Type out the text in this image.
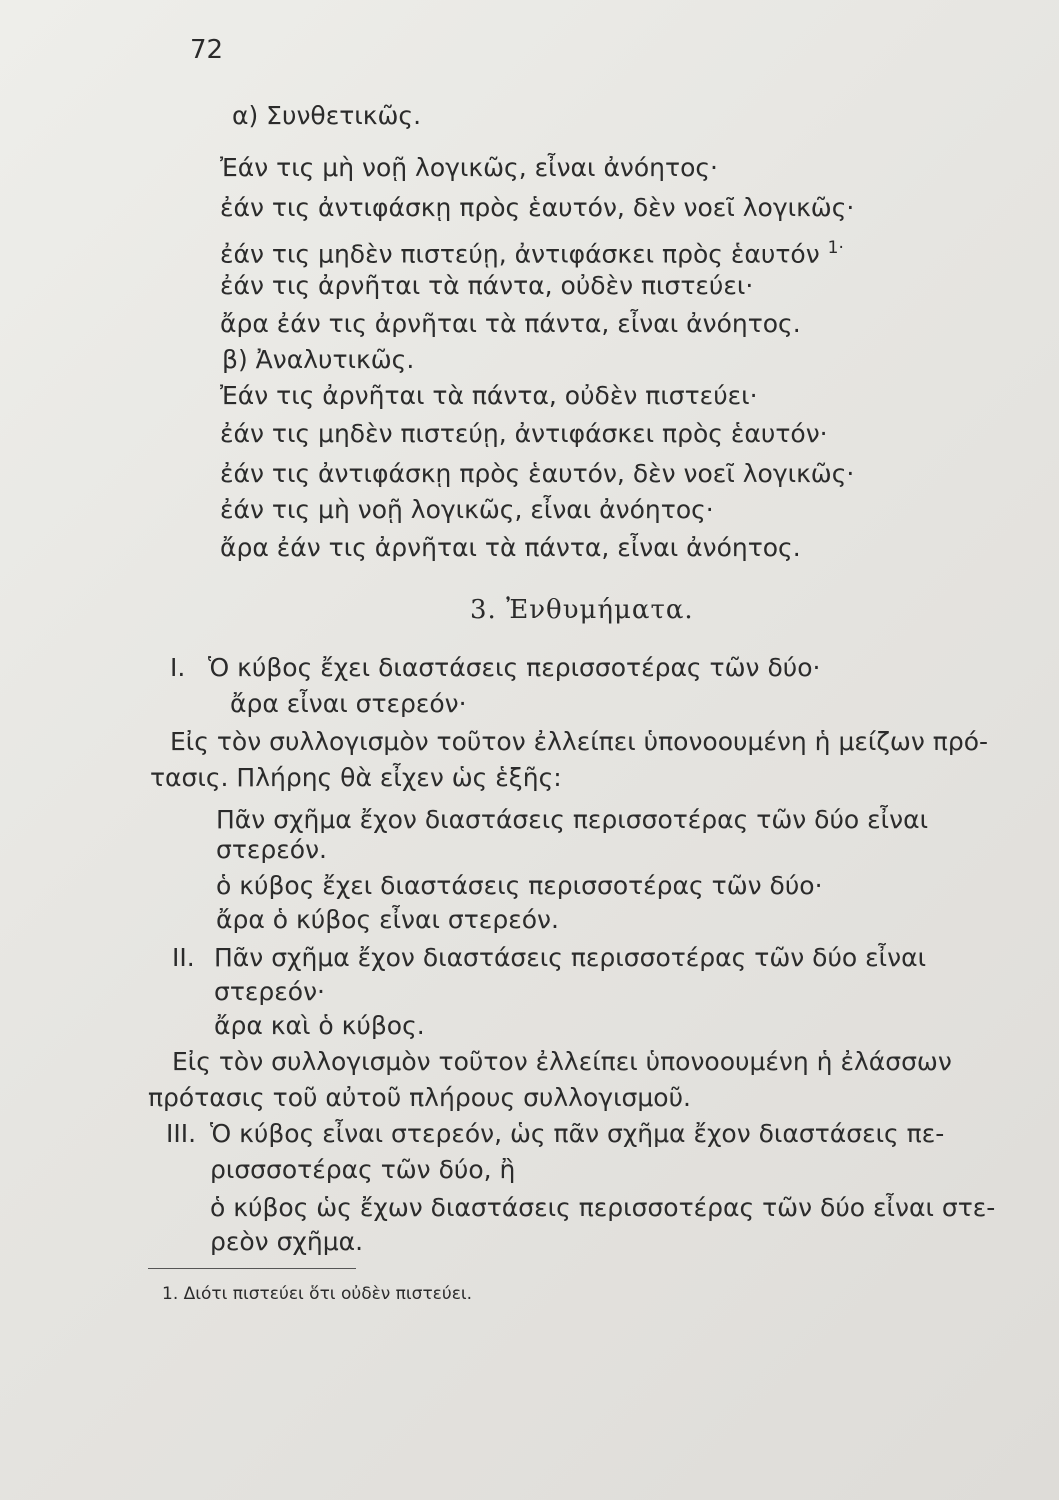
72
α) Συνθετικῶς.
Ἐάν τις μὴ νοῇ λογικῶς, εἶναι ἀνόητος·
ἐάν τις ἀντιφάσκῃ πρὸς ἑαυτόν, δὲν νοεῖ λογικῶς·
ἐάν τις μηδὲν πιστεύῃ, ἀντιφάσκει πρὸς ἑαυτόν $^{1\cdot}$
ἐάν τις ἀρνῆται τὰ πάντα, οὐδὲν πιστεύει·
ἄρα ἐάν τις ἀρνῆται τὰ πάντα, εἶναι ἀνόητος.
β) Ἀναλυτικῶς.
Ἐάν τις ἀρνῆται τὰ πάντα, οὐδὲν πιστεύει·
ἐάν τις μηδὲν πιστεύῃ, ἀντιφάσκει πρὸς ἑαυτόν·
ἐάν τις ἀντιφάσκῃ πρὸς ἑαυτόν, δὲν νοεῖ λογικῶς·
ἐάν τις μὴ νοῇ λογικῶς, εἶναι ἀνόητος·
ἄρα ἐάν τις ἀρνῆται τὰ πάντα, εἶναι ἀνόητος.
3. Ἐνθυμήματα.
I. Ὁ κύβος ἔχει διαστάσεις περισσοτέρας τῶν δύο·
ἄρα εἶναι στερεόν·
Εἰς τὸν συλλογισμὸν τοῦτον ἐλλείπει ὑπονοουμένη ἡ μείζων πρό-
τασις. Πλήρης θὰ εἶχεν ὡς ἑξῆς:
Πᾶν σχῆμα ἔχον διαστάσεις περισσοτέρας τῶν δύο εἶναι
στερεόν.
ὁ κύβος ἔχει διαστάσεις περισσοτέρας τῶν δύο·
ἄρα ὁ κύβος εἶναι στερεόν.
II. Πᾶν σχῆμα ἔχον διαστάσεις περισσοτέρας τῶν δύο εἶναι
στερεόν·
ἄρα καὶ ὁ κύβος.
Εἰς τὸν συλλογισμὸν τοῦτον ἐλλείπει ὑπονοουμένη ἡ ἐλάσσων
πρότασις τοῦ αὐτοῦ πλήρους συλλογισμοῦ.
III. Ὁ κύβος εἶναι στερεόν, ὡς πᾶν σχῆμα ἔχον διαστάσεις πε-
ρισσσοτέρας τῶν δύο, ἢ
ὁ κύβος ὡς ἔχων διαστάσεις περισσοτέρας τῶν δύο εἶναι στε-
ρεὸν σχῆμα.
1. Διότι πιστεύει ὅτι οὐδὲν πιστεύει.
